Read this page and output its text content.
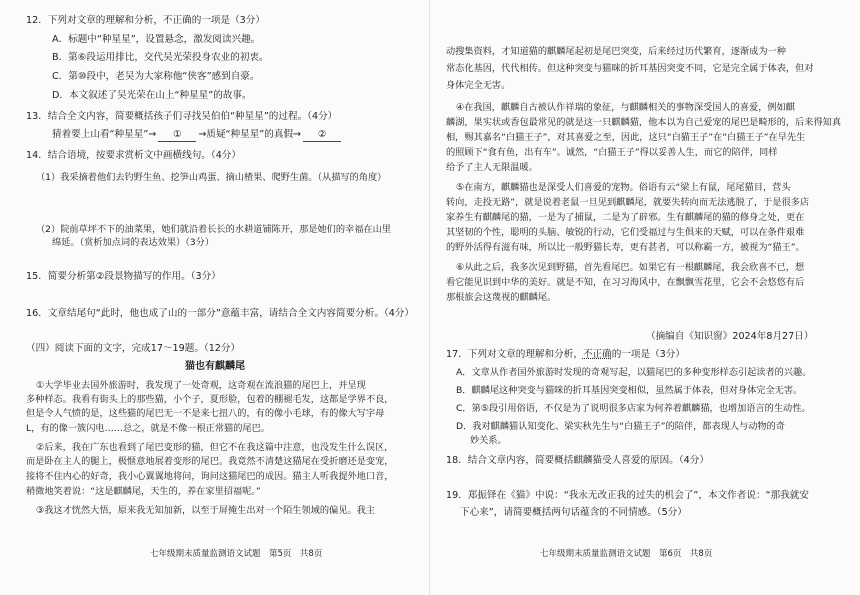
12．下列对文章的理解和分析，不正确的一项是（3分）
A．标题中“种星星”，设置悬念，激发阅读兴趣。
B．第⑥段运用排比，交代吴光荣投身农业的初衷。
C．第⑩段中，老吴为大家称他“侠客”感到自豪。
D．本文叙述了吴光荣在山上“种星星”的故事。
13．结合全文内容，简要概括孩子们寻找吴伯伯“种星星”的过程。（4分）
猜着要上山看“种星星”→ ① →质疑“种星星”的真假→ ②
14．结合语境，按要求赏析文中画横线句。（4分）
（1）我采摘着他们去钓野生鱼、挖笋山鸡蛋、摘山楂果、爬野生菌。（从描写的角度）
（2）院前草坪不下的油菜果，她们就沿着长长的水耕道铺陈开，那是她们的幸福在山里
绵延。（赏析加点词的表达效果）（3分）
15．简要分析第②段景物描写的作用。（3分）
16．文章结尾句“此时，他也成了山的一部分”意蕴丰富，请结合全文内容简要分析。（4分）
（四）阅读下面的文字，完成17～19题。（12分）
猫也有麒麟尾
①大学毕业去国外旅游时，我发现了一处奇观，这奇观在流浪猫的尾巴上，并呈现
多种样态。我看有街头上的那些猫，小个子，夏形脸，包着的棚褪毛发，这都是学界不良，
但是令人气愤的是，这些猫的尾巴无一不是来七扭八的，有的像小毛球，有的像大写字母
L，有的像一簇闪电……总之，就是不像一根正常猫的尾巴。
②后来，我在广东也看到了尾巴变形的猫，但它不在我这篇中注意，也没发生什么误区，
而是卧在主人的腿上，极惬意地展着变形的尾巴。我竟然不清楚这猫尾在受折磨还是变宠，
接将不住内心的好奇，我小心翼翼地将问，询问这猫尾巴的成因。猫主人听我提外地口音，
稍微地笑着说：“这是麒麟尾，天生的，养在家里招福呢。”
③我这才恍然大悟，原来我无知加新，以至于屏掩生出对一个陌生领域的偏见。我主
七年级期末质量监测语文试题　第5页　共8页
动搜集资料，才知道猫的麒麟尾起初是尾巴突变，后来经过历代繁育，逐渐成为一种
常态化基因，代代相传。但这种突变与猫咪的折耳基因突变不同，它是完全属于体表，但对
身体完全无害。
④在我国，麒麟自古被认作祥瑞的象征，与麒麟相关的事物深受国人的喜爱，例如麒
麟湖，果实状或香包最常见的就是这一只麒麟猫，他本以为自己爱宠的尾巴是畸形的，后来得知真
相，赐其嘉名“白猫王子”，对其喜爱之至，因此，这只“白猫王子”在“白猫王子”在早先生
的照顾下“食有鱼，出有车”。诚然，“白猫王子”得以妥善人生，而它的陪伴，同样
给予了主人无限温暖。
⑤在南方，麒麟猫也是深受人们喜爱的宠物。俗语有云“梁上有鼠，尾尾猫目，营头
转向，走投无路”，就是说着老鼠一旦见到麒麟尾，就要失转向而无法逃脱了，于是很多店
家养生有麒麟尾的猫，一是为了捕鼠，二是为了辟邪。生有麒麟尾的猫的修身之处，更在
其坚韧的个性，聪明的头脑、敏锐的行动，它们受福过与生俱来的天赋，可以在条件艰难
的野外活得有滋有味，所以比一般野猫长寿，更有甚者，可以称霸一方，被视为“猫王”。
⑥从此之后，我多次见到野猫，首先看尾巴。如果它有一根麒麟尾，我会欣喜不已，想
看它能见识到中华的美好。就是不知，在习习海风中，在飘飘雪花里，它会不会悠悠有后
那根旅会这蔑视的麒麟尾。
（摘编自《知识窗》2024年8月27日）
17．下列对文章的理解和分析，不正确的一项是（3分）
A．文章从作者国外旅游时发现的奇观写起，以猫尾巴的多种变形样态引起读者的兴趣。
B．麒麟尾这种突变与猫咪的折耳基因突变相似，虽然属于体表，但对身体完全无害。
C．第⑤段引用俗语，不仅是为了说明很多店家为何养着麒麟猫，也增加语言的生动性。
D．我对麒麟猫认知变化、梁实秋先生与“白猫王子”的陪伴，都表现人与动物的奇
妙关系。
18．结合文章内容，简要概括麒麟猫受人喜爱的原因。（4分）
19．郑振铎在《猫》中说：“我永无改正我的过失的机会了”，本文作者说：“那我就安
下心来”，请简要概括两句话蕴含的不同情感。（5分）
七年级期末质量监测语文试题　第6页　共8页
